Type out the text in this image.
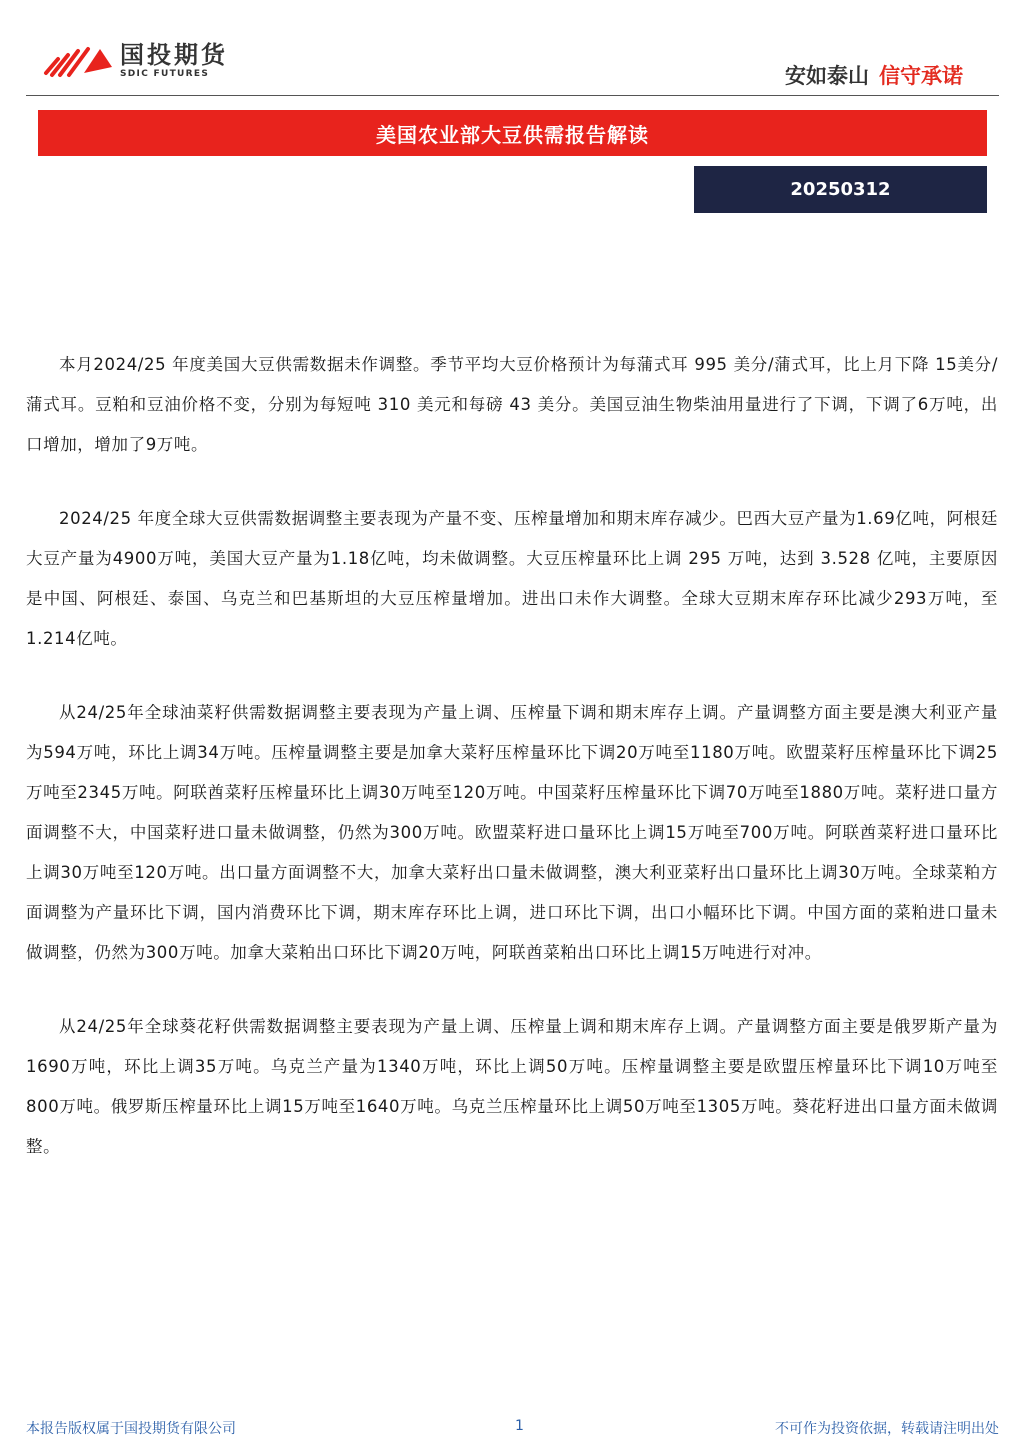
国投期货
SDIC FUTURES	安如泰山 信守承诺
美国农业部大豆供需报告解读
20250312

本月2024/25 年度美国大豆供需数据未作调整。季节平均大豆价格预计为每蒲式耳 995 美分/蒲式耳，比上月下降 15美分/蒲式耳。豆粕和豆油价格不变，分别为每短吨 310 美元和每磅 43 美分。美国豆油生物柴油用量进行了下调，下调了6万吨，出口增加，增加了9万吨。

2024/25 年度全球大豆供需数据调整主要表现为产量不变、压榨量增加和期末库存减少。巴西大豆产量为1.69亿吨，阿根廷大豆产量为4900万吨，美国大豆产量为1.18亿吨，均未做调整。大豆压榨量环比上调 295 万吨，达到 3.528 亿吨，主要原因是中国、阿根廷、泰国、乌克兰和巴基斯坦的大豆压榨量增加。进出口未作大调整。全球大豆期末库存环比减少293万吨，至1.214亿吨。

从24/25年全球油菜籽供需数据调整主要表现为产量上调、压榨量下调和期末库存上调。产量调整方面主要是澳大利亚产量为594万吨，环比上调34万吨。压榨量调整主要是加拿大菜籽压榨量环比下调20万吨至1180万吨。欧盟菜籽压榨量环比下调25万吨至2345万吨。阿联酋菜籽压榨量环比上调30万吨至120万吨。中国菜籽压榨量环比下调70万吨至1880万吨。菜籽进口量方面调整不大，中国菜籽进口量未做调整，仍然为300万吨。欧盟菜籽进口量环比上调15万吨至700万吨。阿联酋菜籽进口量环比上调30万吨至120万吨。出口量方面调整不大，加拿大菜籽出口量未做调整，澳大利亚菜籽出口量环比上调30万吨。全球菜粕方面调整为产量环比下调，国内消费环比下调，期末库存环比上调，进口环比下调，出口小幅环比下调。中国方面的菜粕进口量未做调整，仍然为300万吨。加拿大菜粕出口环比下调20万吨，阿联酋菜粕出口环比上调15万吨进行对冲。

从24/25年全球葵花籽供需数据调整主要表现为产量上调、压榨量上调和期末库存上调。产量调整方面主要是俄罗斯产量为1690万吨，环比上调35万吨。乌克兰产量为1340万吨，环比上调50万吨。压榨量调整主要是欧盟压榨量环比下调10万吨至800万吨。俄罗斯压榨量环比上调15万吨至1640万吨。乌克兰压榨量环比上调50万吨至1305万吨。葵花籽进出口量方面未做调整。

本报告版权属于国投期货有限公司	1	不可作为投资依据，转载请注明出处
